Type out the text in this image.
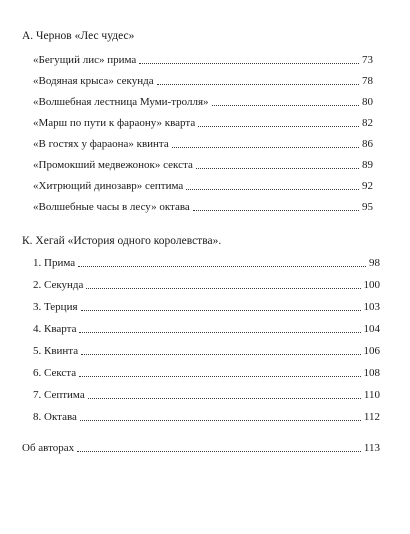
А. Чернов «Лес чудес»
«Бегущий лис» прима	73
«Водяная крыса» секунда	78
«Волшебная лестница Муми-тролля»	80
«Марш по пути к фараону» кварта	82
«В гостях у фараона» квинта	86
«Промокший медвежонок» секста	89
«Хитрющий динозавр» септима	92
«Волшебные часы в лесу» октава	95
К. Хегай «История одного королевства».
1. Прима	98
2. Секунда	100
3. Терция	103
4. Кварта	104
5. Квинта	106
6. Секста	108
7. Септима	110
8. Октава	112
Об авторах	113
